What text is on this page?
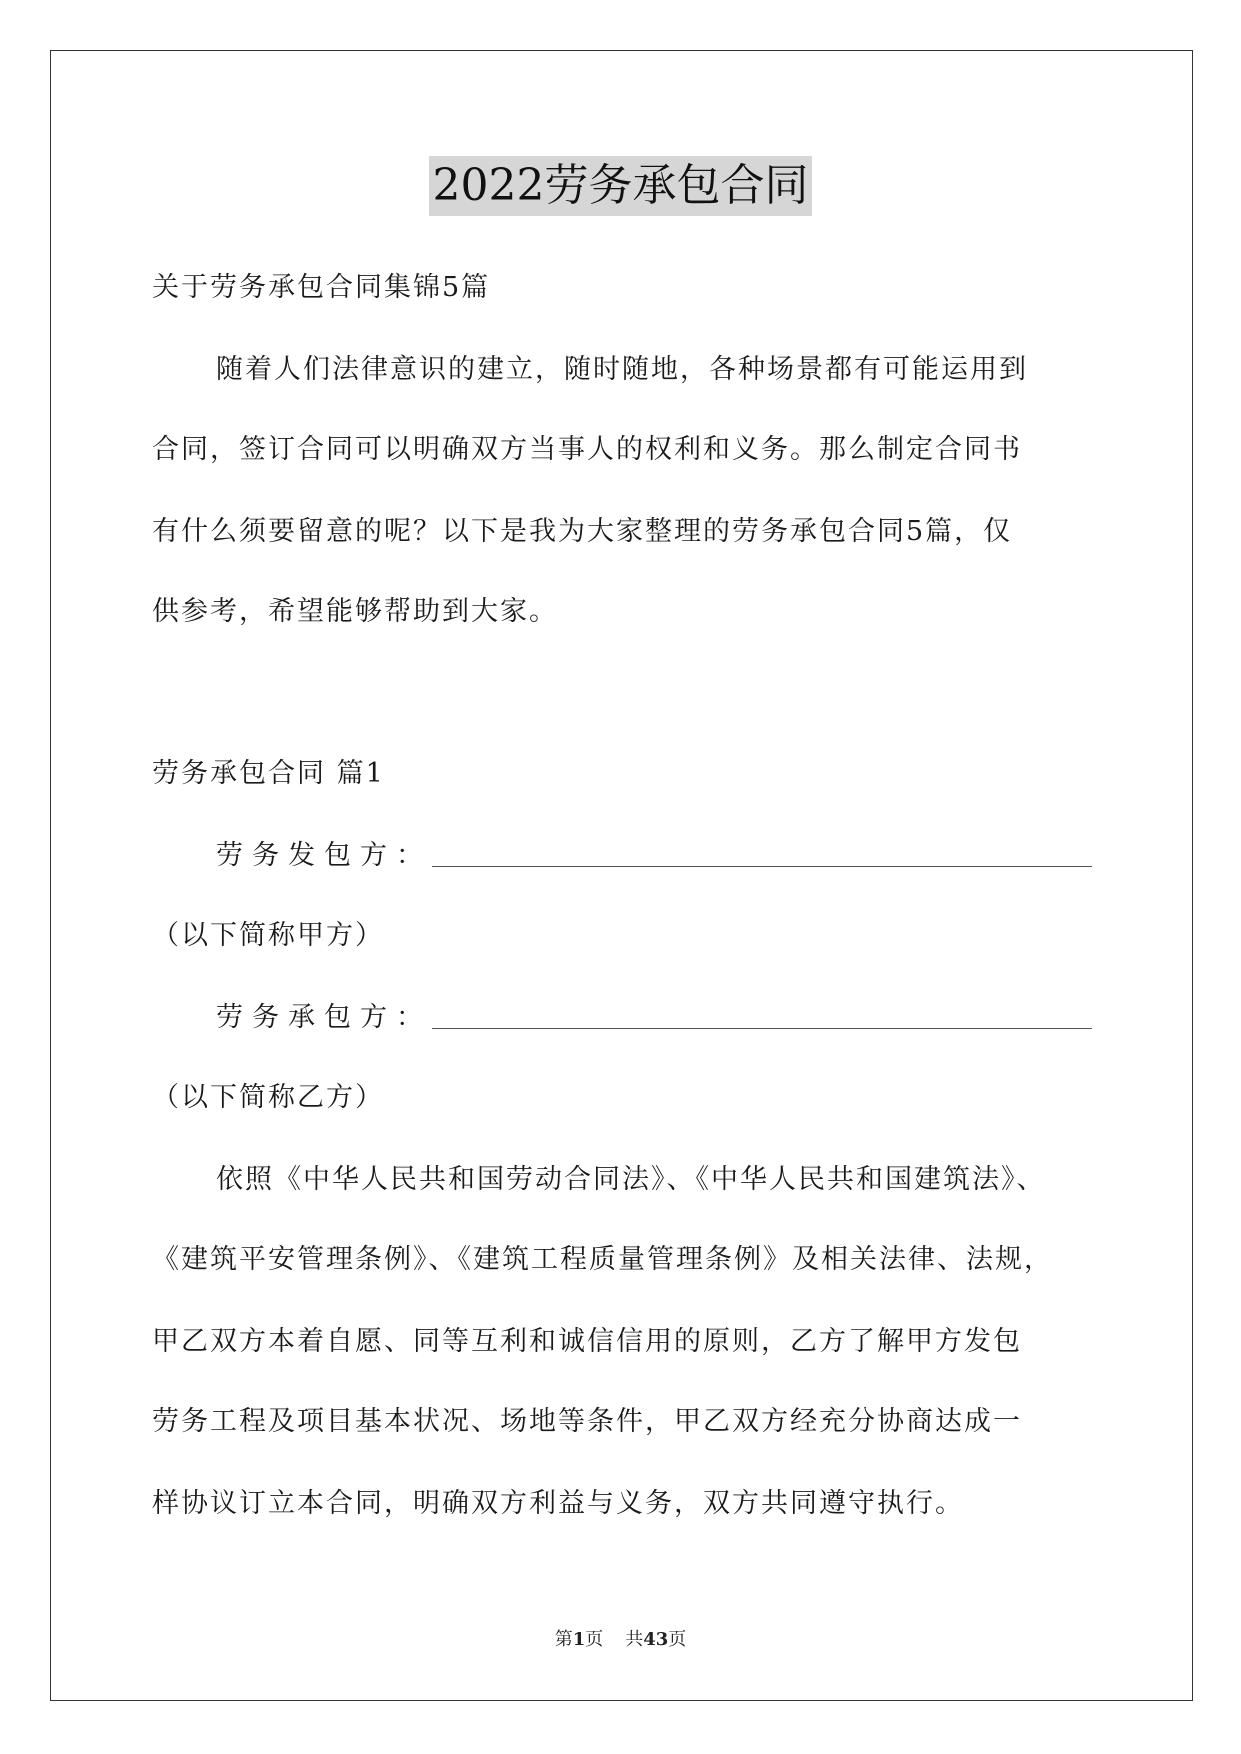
2022劳务承包合同
关于劳务承包合同集锦5篇
随着人们法律意识的建立，随时随地，各种场景都有可能运用到
合同，签订合同可以明确双方当事人的权利和义务。那么制定合同书
有什么须要留意的呢？以下是我为大家整理的劳务承包合同5篇，仅
供参考，希望能够帮助到大家。
劳务承包合同 篇1
劳务发包方：
（以下简称甲方）
劳务承包方：
（以下简称乙方）
依照《中华人民共和国劳动合同法》、《中华人民共和国建筑法》、
《建筑平安管理条例》、《建筑工程质量管理条例》及相关法律、法规，
甲乙双方本着自愿、同等互利和诚信信用的原则，乙方了解甲方发包
劳务工程及项目基本状况、场地等条件，甲乙双方经充分协商达成一
样协议订立本合同，明确双方利益与义务，双方共同遵守执行。
第1页 共43页
